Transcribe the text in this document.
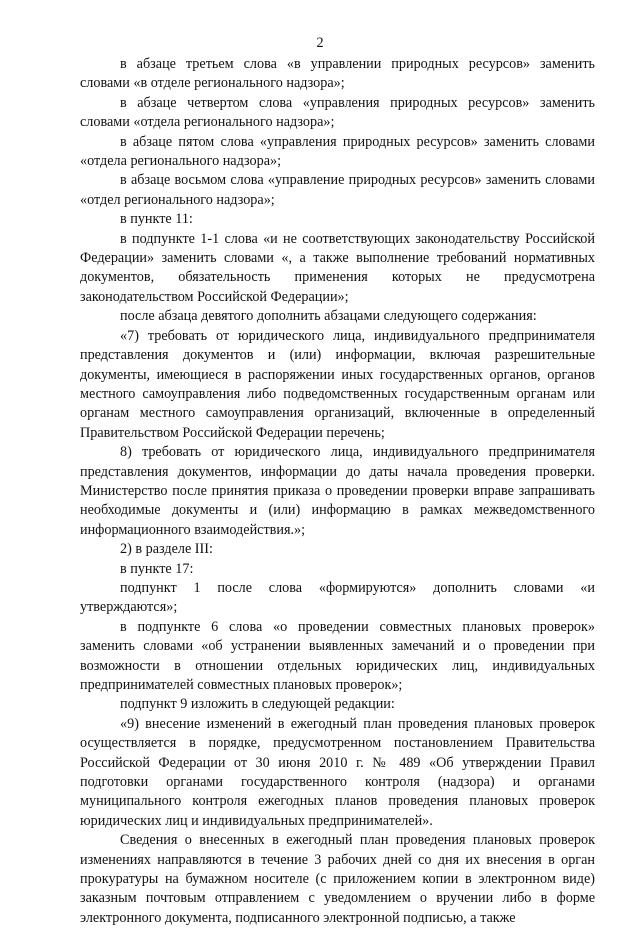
2

в абзаце третьем слова «в управлении природных ресурсов» заменить словами «в отделе регионального надзора»;

в абзаце четвертом слова «управления природных ресурсов» заменить словами «отдела регионального надзора»;

в абзаце пятом слова «управления природных ресурсов» заменить словами «отдела регионального надзора»;

в абзаце восьмом слова «управление природных ресурсов» заменить словами «отдел регионального надзора»;

в пункте 11:

в подпункте 1-1 слова «и не соответствующих законодательству Российской Федерации» заменить словами «, а также выполнение требований нормативных документов, обязательность применения которых не предусмотрена законодательством Российской Федерации»;

после абзаца девятого дополнить абзацами следующего содержания:

«7) требовать от юридического лица, индивидуального предпринимателя представления документов и (или) информации, включая разрешительные документы, имеющиеся в распоряжении иных государственных органов, органов местного самоуправления либо подведомственных государственным органам или органам местного самоуправления организаций, включенные в определенный Правительством Российской Федерации перечень;

8) требовать от юридического лица, индивидуального предпринимателя представления документов, информации до даты начала проведения проверки. Министерство после принятия приказа о проведении проверки вправе запрашивать необходимые документы и (или) информацию в рамках межведомственного информационного взаимодействия.»;

2) в разделе III:

в пункте 17:

подпункт 1 после слова «формируются» дополнить словами «и утверждаются»;

в подпункте 6 слова «о проведении совместных плановых проверок» заменить словами «об устранении выявленных замечаний и о проведении при возможности в отношении отдельных юридических лиц, индивидуальных предпринимателей совместных плановых проверок»;

подпункт 9 изложить в следующей редакции:

«9) внесение изменений в ежегодный план проведения плановых проверок осуществляется в порядке, предусмотренном постановлением Правительства Российской Федерации от 30 июня 2010 г. № 489 «Об утверждении Правил подготовки органами государственного контроля (надзора) и органами муниципального контроля ежегодных планов проведения плановых проверок юридических лиц и индивидуальных предпринимателей».

Сведения о внесенных в ежегодный план проведения плановых проверок изменениях направляются в течение 3 рабочих дней со дня их внесения в орган прокуратуры на бумажном носителе (с приложением копии в электронном виде) заказным почтовым отправлением с уведомлением о вручении либо в форме электронного документа, подписанного электронной подписью, а также
